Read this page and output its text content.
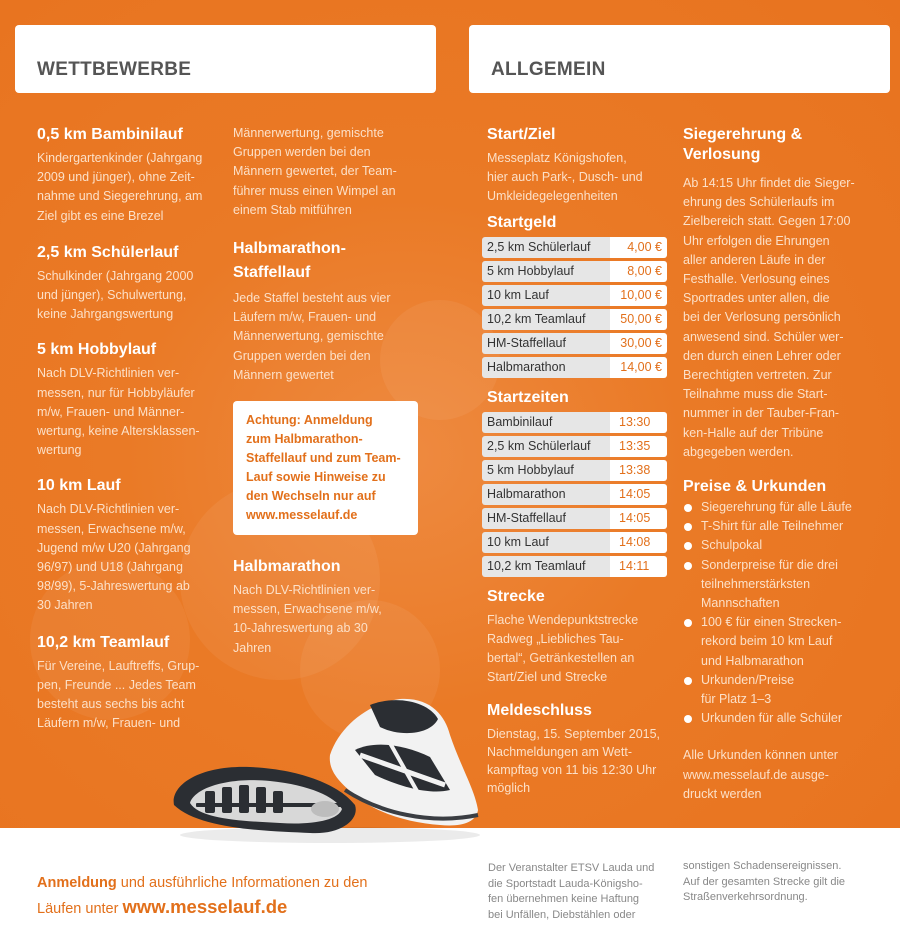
WETTBEWERBE	ALLGEMEIN
0,5 km Bambinilauf
Kindergartenkinder (Jahrgang
2009 und jünger), ohne Zeit-
nahme und Siegerehrung, am
Ziel gibt es eine Brezel
2,5 km Schülerlauf
Schulkinder (Jahrgang 2000
und jünger), Schulwertung,
keine Jahrgangswertung
5 km Hobbylauf
Nach DLV-Richtlinien ver-
messen, nur für Hobbyläufer
m/w, Frauen- und Männer-
wertung, keine Altersklassen-
wertung
10 km Lauf
Nach DLV-Richtlinien ver-
messen, Erwachsene m/w,
Jugend m/w U20 (Jahrgang
96/97) und U18 (Jahrgang
98/99), 5-Jahreswertung ab
30 Jahren
10,2 km Teamlauf
Für Vereine, Lauftreffs, Grup-
pen, Freunde ... Jedes Team
besteht aus sechs bis acht
Läufern m/w, Frauen- und
Männerwertung, gemischte
Gruppen werden bei den
Männern gewertet, der Team-
führer muss einen Wimpel an
einem Stab mitführen
Halbmarathon-
Staffellauf
Jede Staffel besteht aus vier
Läufern m/w, Frauen- und
Männerwertung, gemischte
Gruppen werden bei den
Männern gewertet
Achtung: Anmeldung
zum Halbmarathon-
Staffellauf und zum Team-
Lauf sowie Hinweise zu
den Wechseln nur auf
www.messelauf.de
Halbmarathon
Nach DLV-Richtlinien ver-
messen, Erwachsene m/w,
10-Jahreswertung ab 30
Jahren
Start/Ziel
Messeplatz Königshofen,
hier auch Park-, Dusch- und
Umkleidegelegenheiten
Startgeld
2,5 km Schülerlauf	4,00 €
5 km Hobbylauf	8,00 €
10 km Lauf	10,00 €
10,2 km Teamlauf	50,00 €
HM-Staffellauf	30,00 €
Halbmarathon	14,00 €
Startzeiten
Bambinilauf	13:30
2,5 km Schülerlauf	13:35
5 km Hobbylauf	13:38
Halbmarathon	14:05
HM-Staffellauf	14:05
10 km Lauf	14:08
10,2 km Teamlauf	14:11
Strecke
Flache Wendepunktstrecke
Radweg „Liebliches Tau-
bertal“, Getränkestellen an
Start/Ziel und Strecke
Meldeschluss
Dienstag, 15. September 2015,
Nachmeldungen am Wett-
kampftag von 11 bis 12:30 Uhr
möglich
Siegerehrung &
Verlosung
Ab 14:15 Uhr findet die Sieger-
ehrung des Schülerlaufs im
Zielbereich statt. Gegen 17:00
Uhr erfolgen die Ehrungen
aller anderen Läufe in der
Festhalle. Verlosung eines
Sportrades unter allen, die
bei der Verlosung persönlich
anwesend sind. Schüler wer-
den durch einen Lehrer oder
Berechtigten vertreten. Zur
Teilnahme muss die Start-
nummer in der Tauber-Fran-
ken-Halle auf der Tribüne
abgegeben werden.
Preise & Urkunden
Siegerehrung für alle Läufe
T-Shirt für alle Teilnehmer
Schulpokal
Sonderpreise für die drei
teilnehmerstärksten
Mannschaften
100 € für einen Strecken-
rekord beim 10 km Lauf
und Halbmarathon
Urkunden/Preise
für Platz 1–3
Urkunden für alle Schüler
Alle Urkunden können unter
www.messelauf.de ausge-
druckt werden
Anmeldung und ausführliche Informationen zu den
Läufen unter www.messelauf.de
Der Veranstalter ETSV Lauda und
die Sportstadt Lauda-Königsho-
fen übernehmen keine Haftung
bei Unfällen, Diebstählen oder
sonstigen Schadensereignissen.
Auf der gesamten Strecke gilt die
Straßenverkehrsordnung.
